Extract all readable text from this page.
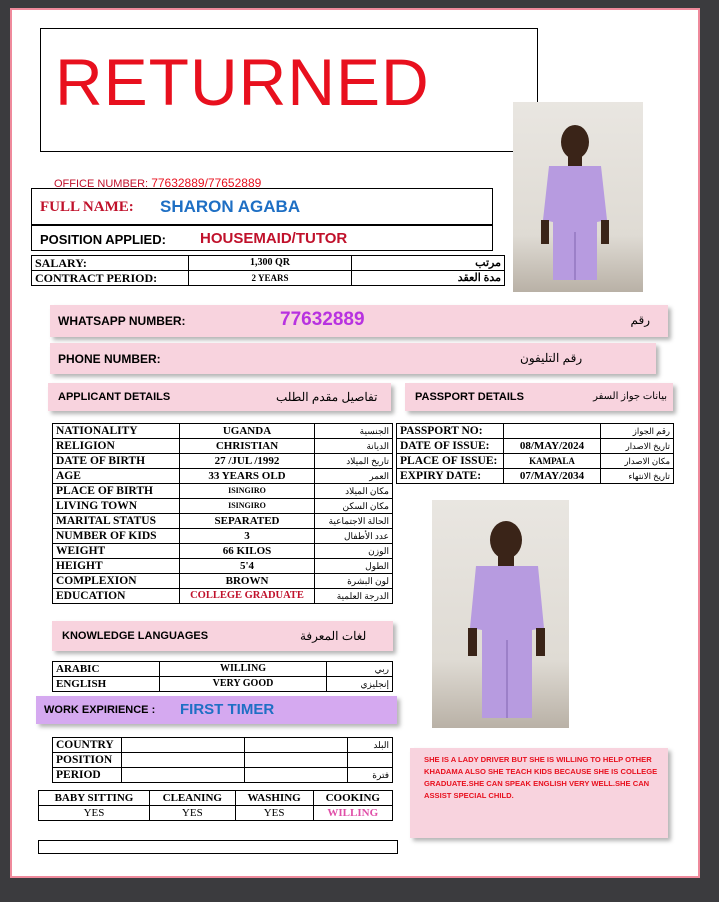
RETURNED
OFFICE NUMBER: 77632889/77652889
FULL NAME: SHARON AGABA
POSITION APPLIED: HOUSEMAID/TUTOR
SALARY:	1,300 QR	مرتب
CONTRACT PERIOD:	2 YEARS	مدة العقد
WHATSAPP NUMBER:	77632889	رقم
PHONE NUMBER:	رقم التليفون
APPLICANT DETAILS	تفاصيل مقدم الطلب	PASSPORT DETAILS	بيانات جواز السفر
NATIONALITY	UGANDA	الجنسية
RELIGION	CHRISTIAN	الديانة
DATE OF BIRTH	27 /JUL /1992	تاريخ الميلاد
AGE	33 YEARS OLD	العمر
PLACE OF BIRTH	ISINGIRO	مكان الميلاد
LIVING TOWN	ISINGIRO	مكان السكن
MARITAL STATUS	SEPARATED	الحالة الاجتماعية
NUMBER OF KIDS	3	عدد الأطفال
WEIGHT	66 KILOS	الوزن
HEIGHT	5'4	الطول
COMPLEXION	BROWN	لون البشرة
EDUCATION	COLLEGE GRADUATE	الدرجة العلمية
PASSPORT NO:		رقم الجواز
DATE OF ISSUE:	08/MAY/2024	تاريخ الاصدار
PLACE OF ISSUE:	KAMPALA	مكان الاصدار
EXPIRY DATE:	07/MAY/2034	تاريخ الانتهاء
KNOWLEDGE LANGUAGES	لغات المعرفة
ARABIC	WILLING	ربي
ENGLISH	VERY GOOD	إنجليزي
WORK EXPIRIENCE : FIRST TIMER
COUNTRY			البلد
POSITION			
PERIOD			فترة
BABY SITTING	CLEANING	WASHING	COOKING
YES	YES	YES	WILLING
SHE IS A LADY DRIVER BUT SHE IS WILLING TO HELP OTHER KHADAMA ALSO SHE TEACH KIDS BECAUSE SHE IS COLLEGE GRADUATE.SHE CAN SPEAK ENGLISH VERY WELL.SHE CAN ASSIST SPECIAL CHILD.
